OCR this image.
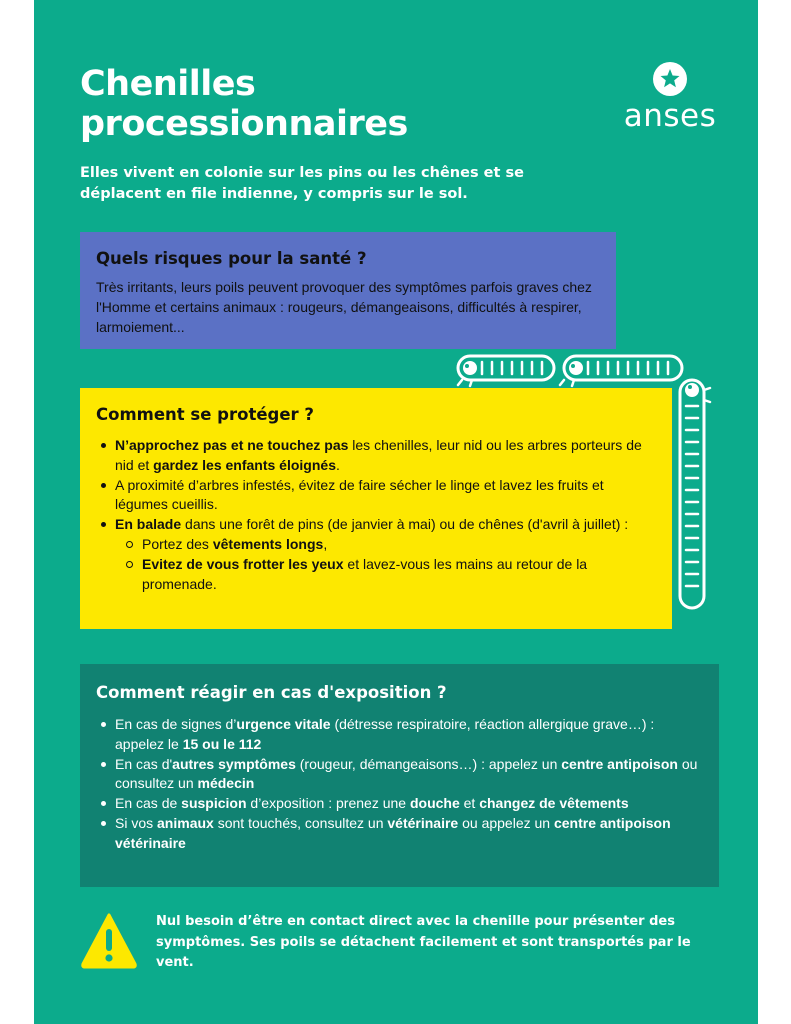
Chenilles
processionnaires	anses

Elles vivent en colonie sur les pins ou les chênes et se déplacent en file indienne, y compris sur le sol.

Quels risques pour la santé ?

Très irritants, leurs poils peuvent provoquer des symptômes parfois graves chez l'Homme et certains animaux : rougeurs, démangeaisons, difficultés à respirer, larmoiement...

Comment se protéger ?
N’approchez pas et ne touchez pas les chenilles, leur nid ou les arbres porteurs de nid et gardez les enfants éloignés.
A proximité d’arbres infestés, évitez de faire sécher le linge et lavez les fruits et légumes cueillis.
En balade dans une forêt de pins (de janvier à mai) ou de chênes (d'avril à juillet) :
Portez des vêtements longs,
Evitez de vous frotter les yeux et lavez-vous les mains au retour de la promenade.
Comment réagir en cas d'exposition ?
En cas de signes d’urgence vitale (détresse respiratoire, réaction allergique grave…) : appelez le 15 ou le 112
En cas d'autres symptômes (rougeur, démangeaisons…) : appelez un centre antipoison ou consultez un médecin
En cas de suspicion d’exposition : prenez une douche et changez de vêtements
Si vos animaux sont touchés, consultez un vétérinaire ou appelez un centre antipoison vétérinaire

Nul besoin d’être en contact direct avec la chenille pour présenter des symptômes. Ses poils se détachent facilement et sont transportés par le vent.
